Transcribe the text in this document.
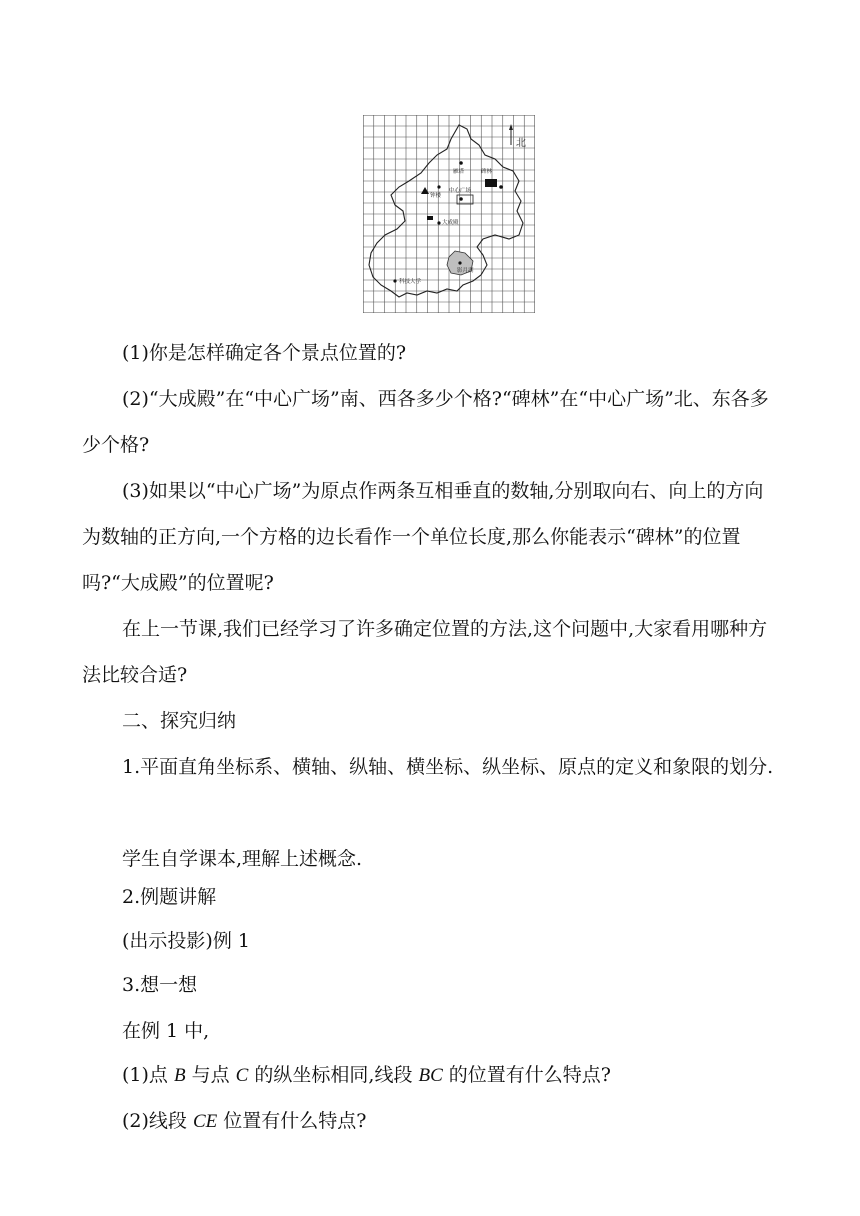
北
雁塔	碑林
钟楼
中心广场
大成殿
影月湖
科技大学

(1)你是怎样确定各个景点位置的?

(2)“大成殿”在“中心广场”南、西各多少个格?“碑林”在“中心广场”北、东各多少个格?

(3)如果以“中心广场”为原点作两条互相垂直的数轴,分别取向右、向上的方向为数轴的正方向,一个方格的边长看作一个单位长度,那么你能表示“碑林”的位置吗?“大成殿”的位置呢?

在上一节课,我们已经学习了许多确定位置的方法,这个问题中,大家看用哪种方法比较合适?

二、探究归纳

1.平面直角坐标系、横轴、纵轴、横坐标、纵坐标、原点的定义和象限的划分.

学生自学课本,理解上述概念.

2.例题讲解

(出示投影)例 1

3.想一想

在例 1 中,

(1)点 B 与点 C 的纵坐标相同,线段 BC 的位置有什么特点?

(2)线段 CE 位置有什么特点?
